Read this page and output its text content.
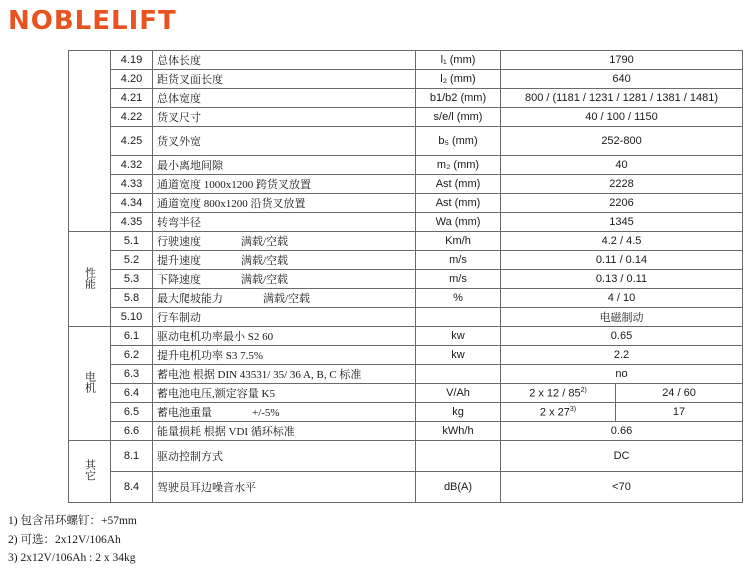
NOBLELIFT
	4.19	总体长度	l₁ (mm)	1790	
	4.20	距货叉面长度	l₂ (mm)	640	
	4.21	总体宽度	b1/b2 (mm)	800 / (1181 / 1231 / 1281 / 1381 / 1481)	
	4.22	货叉尺寸	s/e/l (mm)	40 / 100 / 1150	
	4.25	货叉外宽	b₅ (mm)	252-800	
	4.32	最小离地间隙	m₂ (mm)	40	
	4.33	通道宽度 1000x1200 跨货叉放置	Ast (mm)	2228	
	4.34	通道宽度 800x1200 沿货叉放置	Ast (mm)	2206	
	4.35	转弯半径	Wa (mm)	1345	
性能	5.1	行驶速度 满载/空载	Km/h	4.2 / 4.5	
	5.2	提升速度 满载/空载	m/s	0.11 / 0.14	
	5.3	下降速度 满载/空载	m/s	0.13 / 0.11	
	5.8	最大爬坡能力 满载/空载	%	4 / 10	
	5.10	行车制动		电磁制动	
电机	6.1	驱动电机功率最小 S2 60	kw	0.65	
	6.2	提升电机功率 S3 7.5%	kw	2.2	
	6.3	蓄电池 根据 DIN 43531/ 35/ 36 A, B, C 标准		no	
	6.4	蓄电池电压,额定容量 K5	V/Ah	2 x 12 / 85$^{2)}$	24 / 60
	6.5	蓄电池重量 +/-5%	kg	2 x 27$^{3)}$	17
	6.6	能量损耗 根据 VDI 循环标准	kWh/h	0.66	
其它	8.1	驱动控制方式		DC	
	8.4	驾驶员耳边噪音水平	dB(A)	<70	
1) 包含吊环螺钉：+57mm
2) 可选：2x12V/106Ah
3) 2x12V/106Ah : 2 x 34kg
